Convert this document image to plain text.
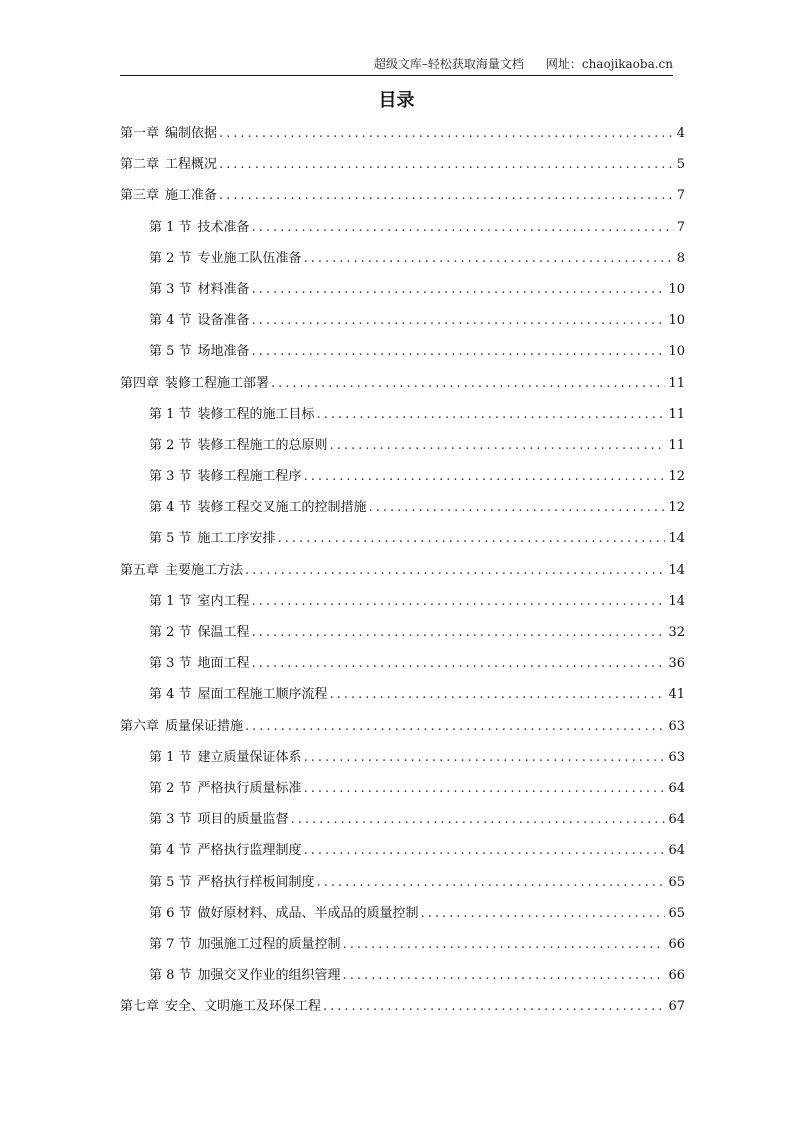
超级文库–轻松获取海量文档 网址：chaojikaoba.cn
目录
第一章 编制依据 .....	4
第二章 工程概况 .....	5
第三章 施工准备 .....	7
第 1 节 技术准备 .....	7
第 2 节 专业施工队伍准备 .....	8
第 3 节 材料准备 .....	10
第 4 节 设备准备 .....	10
第 5 节 场地准备 .....	10
第四章 装修工程施工部署 .....	11
第 1 节 装修工程的施工目标 .....	11
第 2 节 装修工程施工的总原则 .....	11
第 3 节 装修工程施工程序 .....	12
第 4 节 装修工程交叉施工的控制措施 .....	12
第 5 节 施工工序安排 .....	14
第五章 主要施工方法 .....	14
第 1 节 室内工程 .....	14
第 2 节 保温工程 .....	32
第 3 节 地面工程 .....	36
第 4 节 屋面工程施工顺序流程 .....	41
第六章 质量保证措施 .....	63
第 1 节 建立质量保证体系 .....	63
第 2 节 严格执行质量标准 .....	64
第 3 节 项目的质量监督 .....	64
第 4 节 严格执行监理制度 .....	64
第 5 节 严格执行样板间制度 .....	65
第 6 节 做好原材料、成品、半成品的质量控制 .....	65
第 7 节 加强施工过程的质量控制 .....	66
第 8 节 加强交叉作业的组织管理 .....	66
第七章 安全、文明施工及环保工程 .....	67
